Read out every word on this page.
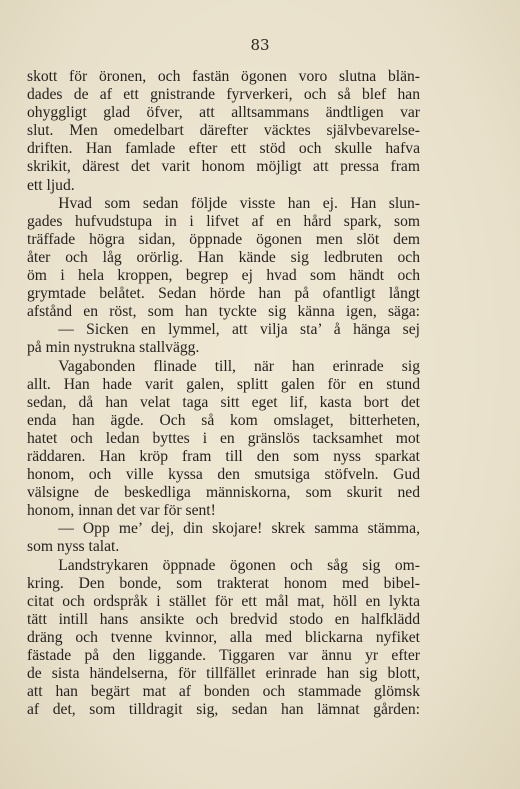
83
skott för öronen, och fastän ögonen voro slutna blän-
dades de af ett gnistrande fyrverkeri, och så blef han
ohyggligt glad öfver, att alltsammans ändtligen var
slut. Men omedelbart därefter väcktes självbevarelse-
driften. Han famlade efter ett stöd och skulle hafva
skrikit, därest det varit honom möjligt att pressa fram
ett ljud.
Hvad som sedan följde visste han ej. Han slun-
gades hufvudstupa in i lifvet af en hård spark, som
träffade högra sidan, öppnade ögonen men slöt dem
åter och låg orörlig. Han kände sig ledbruten och
öm i hela kroppen, begrep ej hvad som händt och
grymtade belåtet. Sedan hörde han på ofantligt långt
afstånd en röst, som han tyckte sig känna igen, säga:
— Sicken en lymmel, att vilja sta’ å hänga sej
på min nystrukna stallvägg.
Vagabonden flinade till, när han erinrade sig
allt. Han hade varit galen, splitt galen för en stund
sedan, då han velat taga sitt eget lif, kasta bort det
enda han ägde. Och så kom omslaget, bitterheten,
hatet och ledan byttes i en gränslös tacksamhet mot
räddaren. Han kröp fram till den som nyss sparkat
honom, och ville kyssa den smutsiga stöfveln. Gud
välsigne de beskedliga människorna, som skurit ned
honom, innan det var för sent!
— Opp me’ dej, din skojare! skrek samma stämma,
som nyss talat.
Landstrykaren öppnade ögonen och såg sig om-
kring. Den bonde, som trakterat honom med bibel-
citat och ordspråk i stället för ett mål mat, höll en lykta
tätt intill hans ansikte och bredvid stodo en halfklädd
dräng och tvenne kvinnor, alla med blickarna nyfiket
fästade på den liggande. Tiggaren var ännu yr efter
de sista händelserna, för tillfället erinrade han sig blott,
att han begärt mat af bonden och stammade glömsk
af det, som tilldragit sig, sedan han lämnat gården:
